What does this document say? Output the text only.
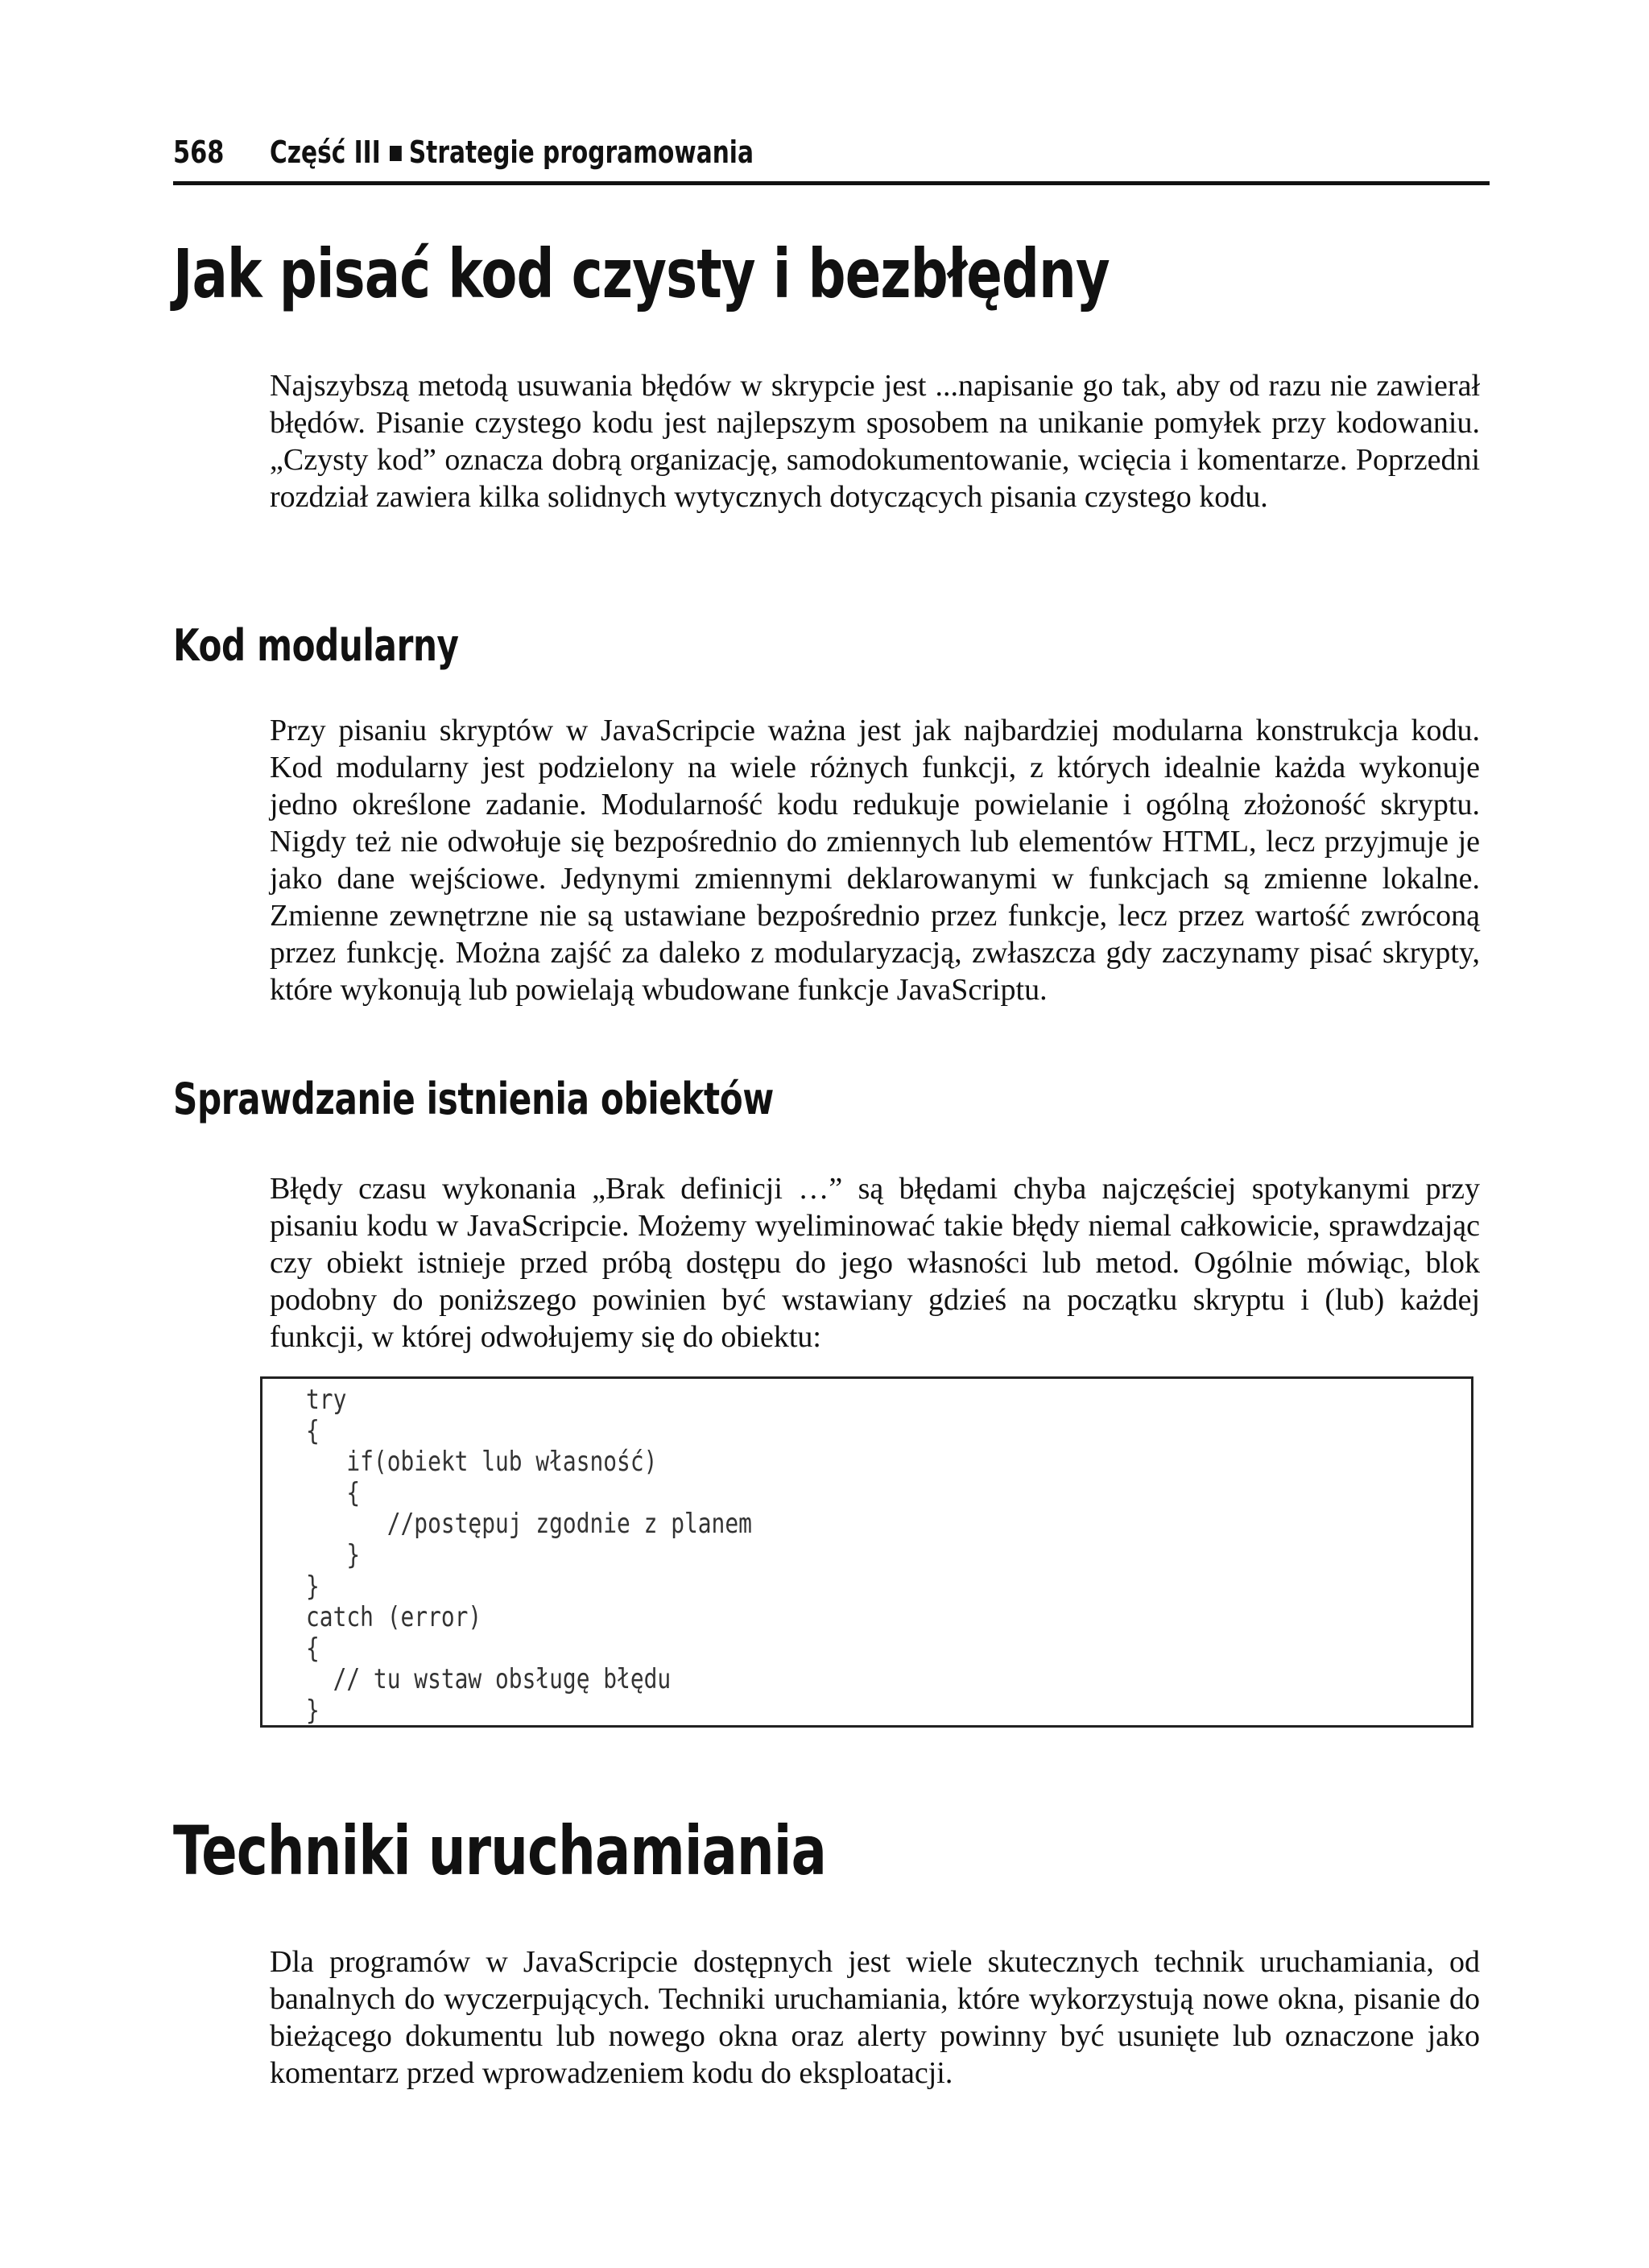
568 Część III Strategie programowania
Jak pisać kod czysty i bezbłędny

Najszybszą metodą usuwania błędów w skrypcie jest ...napisanie go tak, aby od razu nie zawierał błędów. Pisanie czystego kodu jest najlepszym sposobem na unikanie pomyłek przy kodowaniu. „Czysty kod” oznacza dobrą organizację, samodokumentowanie, wcięcia i komentarze. Poprzedni rozdział zawiera kilka solidnych wytycznych dotyczących pisania czystego kodu.

Kod modularny

Przy pisaniu skryptów w JavaScripcie ważna jest jak najbardziej modularna konstrukcja kodu. Kod modularny jest podzielony na wiele różnych funkcji, z których idealnie każda wykonuje jedno określone zadanie. Modularność kodu redukuje powielanie i ogólną złożoność skryptu. Nigdy też nie odwołuje się bezpośrednio do zmiennych lub elementów HTML, lecz przyjmuje je jako dane wejściowe. Jedynymi zmiennymi deklarowanymi w funkcjach są zmienne lokalne. Zmienne zewnętrzne nie są ustawiane bezpośrednio przez funkcje, lecz przez wartość zwróconą przez funkcję. Można zajść za daleko z modularyzacją, zwłaszcza gdy zaczynamy pisać skrypty, które wykonują lub powielają wbudowane funkcje JavaScriptu.

Sprawdzanie istnienia obiektów

Błędy czasu wykonania „Brak definicji …” są błędami chyba najczęściej spotykanymi przy pisaniu kodu w JavaScripcie. Możemy wyeliminować takie błędy niemal całkowicie, sprawdzając czy obiekt istnieje przed próbą dostępu do jego własności lub metod. Ogólnie mówiąc, blok podobny do poniższego powinien być wstawiany gdzieś na początku skryptu i (lub) każdej funkcji, w której odwołujemy się do obiektu:

try
{
if(obiekt lub własność)
{
//postępuj zgodnie z planem
}
}
catch (error)
{
// tu wstaw obsługę błędu
}
Techniki uruchamiania

Dla programów w JavaScripcie dostępnych jest wiele skutecznych technik uruchamiania, od banalnych do wyczerpujących. Techniki uruchamiania, które wykorzystują nowe okna, pisanie do bieżącego dokumentu lub nowego okna oraz alerty powinny być usunięte lub oznaczone jako komentarz przed wprowadzeniem kodu do eksploatacji.
